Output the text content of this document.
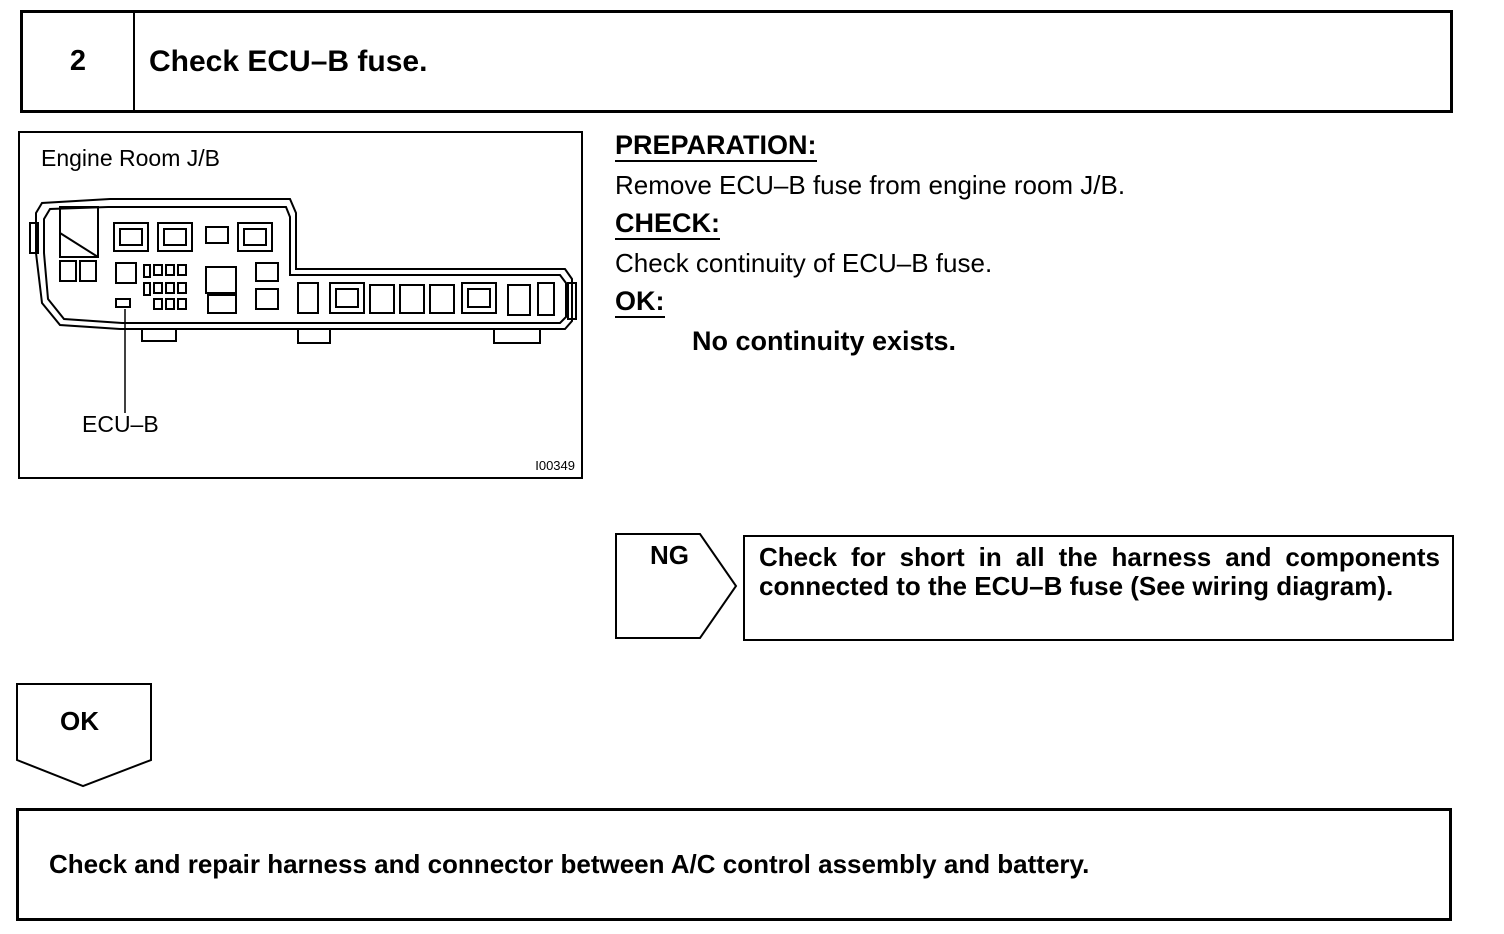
2	Check ECU–B fuse.
Engine Room J/B
ECU–B
I00349
PREPARATION:
Remove ECU–B fuse from engine room J/B.
CHECK:
Check continuity of ECU–B fuse.
OK:
No continuity exists.
NG	Check for short in all the harness and components connected to the ECU–B fuse (See wiring diagram).
OK
Check and repair harness and connector between A/C control assembly and battery.
